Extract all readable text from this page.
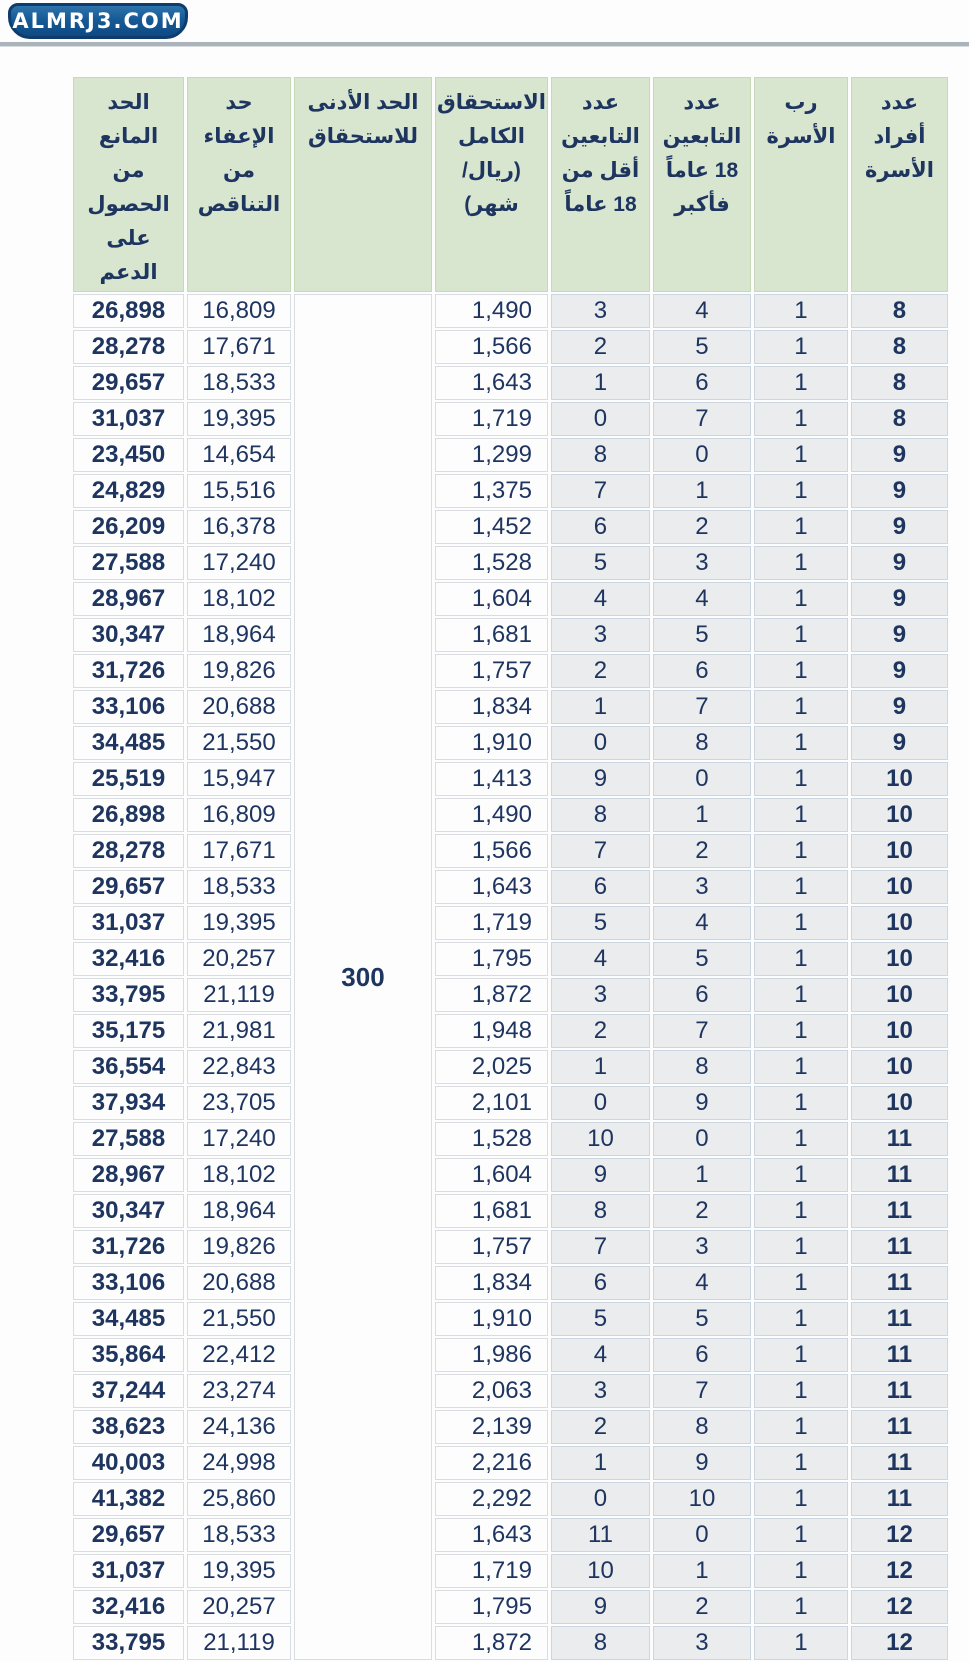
ALMRJ3.COM
عدد أفراد
الأسرة

رب
الأسرة

عدد
التابعين
18 عاماً
فأكبر

عدد
التابعين
أقل من
18 عاماً

الاستحقاق
الكامل
(ريال/شهر)

الحد الأدنى
للاستحقاق

حد الإعفاء
من
التناقص

الحد المانع
من
الحصول
على الدعم

8	1	4	3	1,490	300	16,809	26,898
8	1	5	2	1,566		17,671	28,278
8	1	6	1	1,643		18,533	29,657
8	1	7	0	1,719		19,395	31,037
9	1	0	8	1,299		14,654	23,450
9	1	1	7	1,375		15,516	24,829
9	1	2	6	1,452		16,378	26,209
9	1	3	5	1,528		17,240	27,588
9	1	4	4	1,604		18,102	28,967
9	1	5	3	1,681		18,964	30,347
9	1	6	2	1,757		19,826	31,726
9	1	7	1	1,834		20,688	33,106
9	1	8	0	1,910		21,550	34,485
10	1	0	9	1,413		15,947	25,519
10	1	1	8	1,490		16,809	26,898
10	1	2	7	1,566		17,671	28,278
10	1	3	6	1,643		18,533	29,657
10	1	4	5	1,719		19,395	31,037
10	1	5	4	1,795		20,257	32,416
10	1	6	3	1,872		21,119	33,795
10	1	7	2	1,948		21,981	35,175
10	1	8	1	2,025		22,843	36,554
10	1	9	0	2,101		23,705	37,934
11	1	0	10	1,528		17,240	27,588
11	1	1	9	1,604		18,102	28,967
11	1	2	8	1,681		18,964	30,347
11	1	3	7	1,757		19,826	31,726
11	1	4	6	1,834		20,688	33,106
11	1	5	5	1,910		21,550	34,485
11	1	6	4	1,986		22,412	35,864
11	1	7	3	2,063		23,274	37,244
11	1	8	2	2,139		24,136	38,623
11	1	9	1	2,216		24,998	40,003
11	1	10	0	2,292		25,860	41,382
12	1	0	11	1,643		18,533	29,657
12	1	1	10	1,719		19,395	31,037
12	1	2	9	1,795		20,257	32,416
12	1	3	8	1,872		21,119	33,795
